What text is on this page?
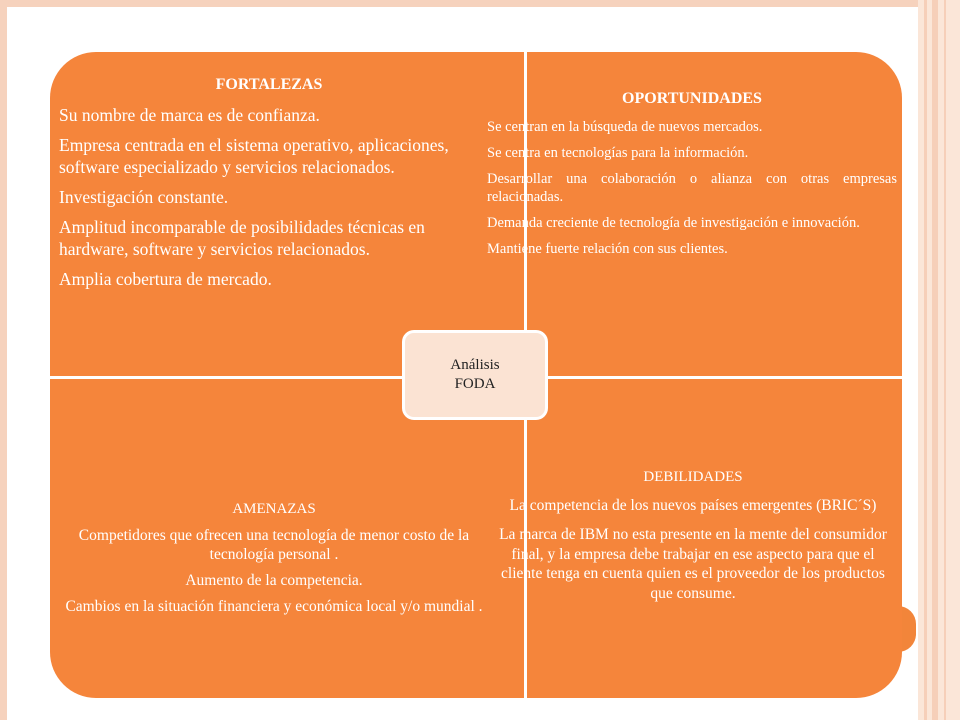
FORTALEZAS
Su nombre de marca es de confianza.
Empresa centrada en el sistema operativo, aplicaciones, software especializado y servicios relacionados.
Investigación constante.
Amplitud incomparable de posibilidades técnicas en hardware, software y servicios relacionados.
Amplia cobertura de mercado.
OPORTUNIDADES
Se centran en la búsqueda de nuevos mercados.
Se centra en tecnologías para la información.
Desarrollar una colaboración o alianza con otras empresas relacionadas.
Demanda creciente de tecnología de investigación e innovación.
Mantiene fuerte relación con sus clientes.
AMENAZAS
Competidores que ofrecen una tecnología de menor costo de la tecnología personal .
Aumento de la competencia.
Cambios en la situación financiera y económica local y/o mundial .
DEBILIDADES
La competencia de los nuevos países emergentes (BRIC´S)
La marca de IBM no esta presente en la mente del consumidor final, y la empresa debe trabajar en ese aspecto para que el cliente tenga en cuenta quien es el proveedor de los productos que consume.
Análisis
FODA
